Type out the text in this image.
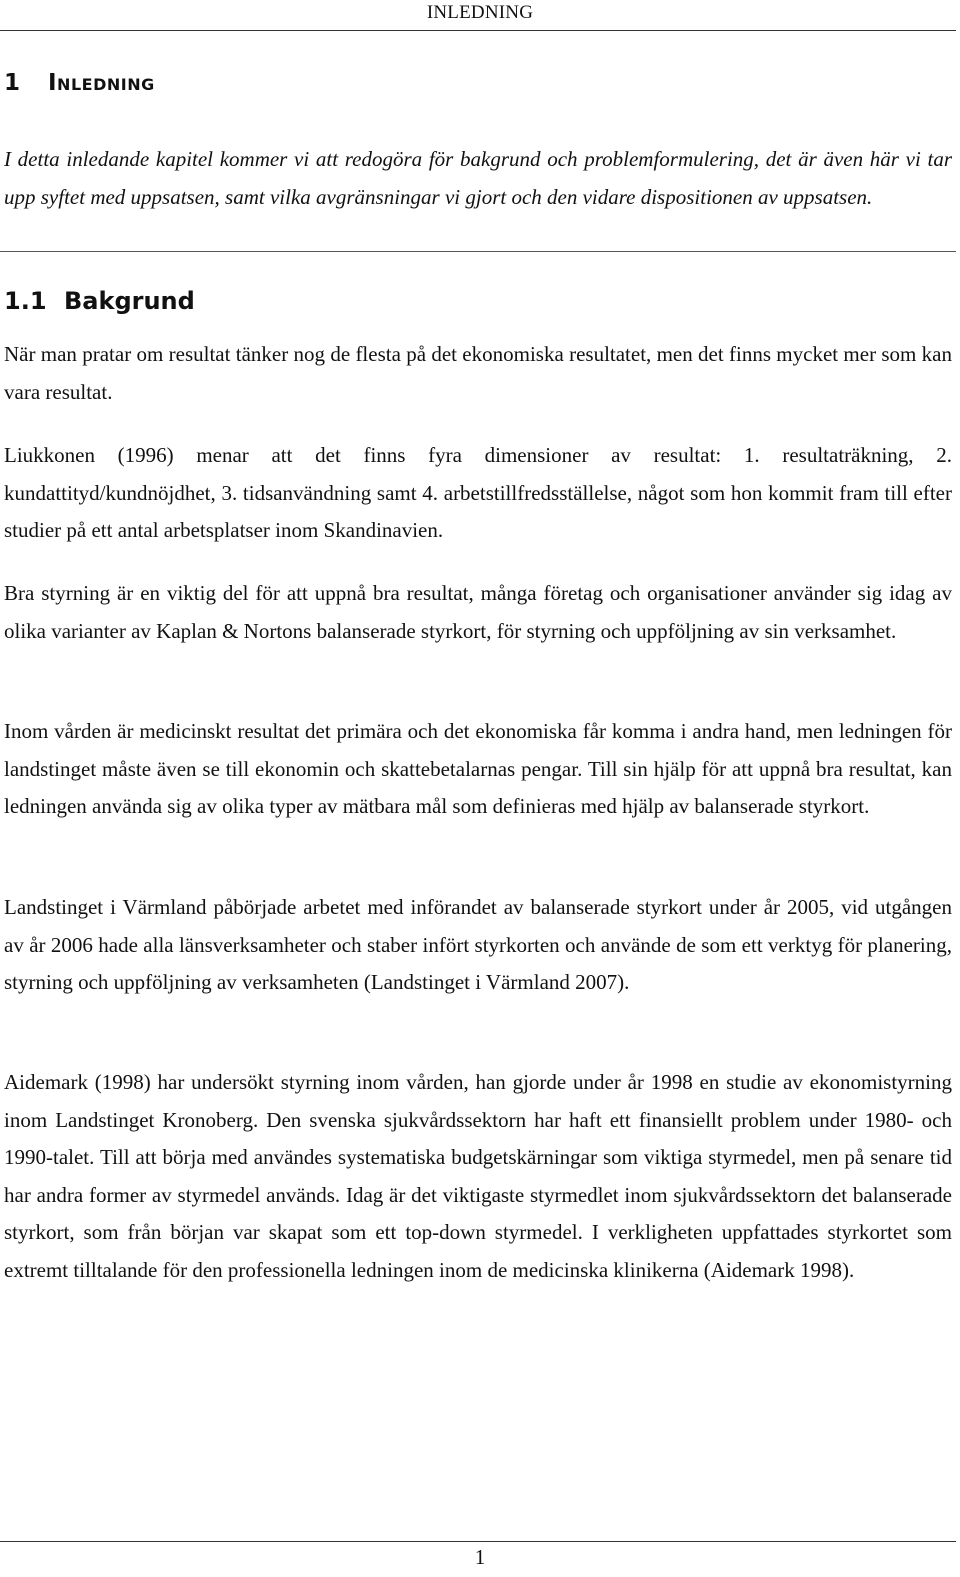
INLEDNING
1 Inledning

I detta inledande kapitel kommer vi att redogöra för bakgrund och problemformulering, det är även här vi tar upp syftet med uppsatsen, samt vilka avgränsningar vi gjort och den vidare dispositionen av uppsatsen.

1.1 Bakgrund

När man pratar om resultat tänker nog de flesta på det ekonomiska resultatet, men det finns mycket mer som kan vara resultat.

Liukkonen (1996) menar att det finns fyra dimensioner av resultat: 1. resultaträkning, 2. kundattityd/kundnöjdhet, 3. tidsanvändning samt 4. arbetstillfredsställelse, något som hon kommit fram till efter studier på ett antal arbetsplatser inom Skandinavien.

Bra styrning är en viktig del för att uppnå bra resultat, många företag och organisationer använder sig idag av olika varianter av Kaplan & Nortons balanserade styrkort, för styrning och uppföljning av sin verksamhet.

Inom vården är medicinskt resultat det primära och det ekonomiska får komma i andra hand, men ledningen för landstinget måste även se till ekonomin och skattebetalarnas pengar. Till sin hjälp för att uppnå bra resultat, kan ledningen använda sig av olika typer av mätbara mål som definieras med hjälp av balanserade styrkort.

Landstinget i Värmland påbörjade arbetet med införandet av balanserade styrkort under år 2005, vid utgången av år 2006 hade alla länsverksamheter och staber infört styrkorten och använde de som ett verktyg för planering, styrning och uppföljning av verksamheten (Landstinget i Värmland 2007).

Aidemark (1998) har undersökt styrning inom vården, han gjorde under år 1998 en studie av ekonomistyrning inom Landstinget Kronoberg. Den svenska sjukvårdssektorn har haft ett finansiellt problem under 1980- och 1990-talet. Till att börja med användes systematiska budgetskärningar som viktiga styrmedel, men på senare tid har andra former av styrmedel används. Idag är det viktigaste styrmedlet inom sjukvårdssektorn det balanserade styrkort, som från början var skapat som ett top-down styrmedel. I verkligheten uppfattades styrkortet som extremt tilltalande för den professionella ledningen inom de medicinska klinikerna (Aidemark 1998).

1
